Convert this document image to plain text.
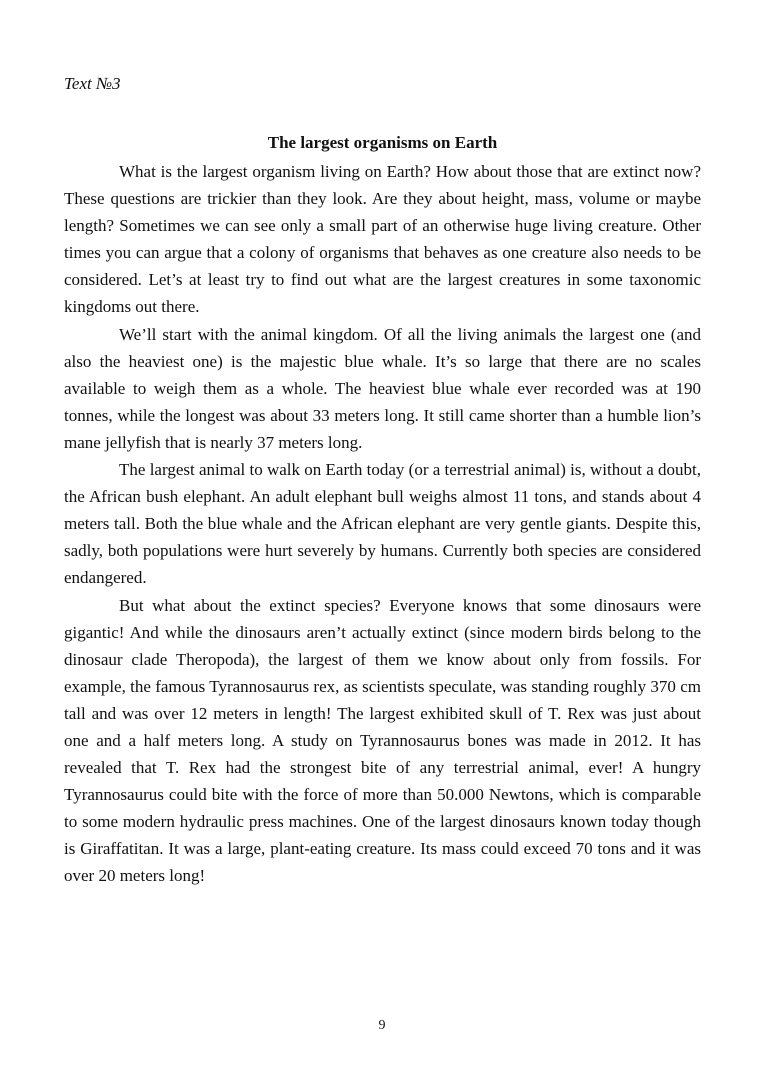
Text №3
The largest organisms on Earth

What is the largest organism living on Earth? How about those that are extinct now? These questions are trickier than they look. Are they about height, mass, volume or maybe length? Sometimes we can see only a small part of an otherwise huge living creature. Other times you can argue that a colony of organisms that behaves as one creature also needs to be considered. Let’s at least try to find out what are the largest creatures in some taxonomic kingdoms out there.

We’ll start with the animal kingdom. Of all the living animals the largest one (and also the heaviest one) is the majestic blue whale. It’s so large that there are no scales available to weigh them as a whole. The heaviest blue whale ever recorded was at 190 tonnes, while the longest was about 33 meters long. It still came shorter than a humble lion’s mane jellyfish that is nearly 37 meters long.

The largest animal to walk on Earth today (or a terrestrial animal) is, without a doubt, the African bush elephant. An adult elephant bull weighs almost 11 tons, and stands about 4 meters tall. Both the blue whale and the African elephant are very gentle giants. Despite this, sadly, both populations were hurt severely by humans. Currently both species are considered endangered.

But what about the extinct species? Everyone knows that some dinosaurs were gigantic! And while the dinosaurs aren’t actually extinct (since modern birds belong to the dinosaur clade Theropoda), the largest of them we know about only from fossils. For example, the famous Tyrannosaurus rex, as scientists speculate, was standing roughly 370 cm tall and was over 12 meters in length! The largest exhibited skull of T. Rex was just about one and a half meters long. A study on Tyrannosaurus bones was made in 2012. It has revealed that T. Rex had the strongest bite of any terrestrial animal, ever! A hungry Tyrannosaurus could bite with the force of more than 50.000 Newtons, which is comparable to some modern hydraulic press machines. One of the largest dinosaurs known today though is Giraffatitan. It was a large, plant-eating creature. Its mass could exceed 70 tons and it was over 20 meters long!

9
